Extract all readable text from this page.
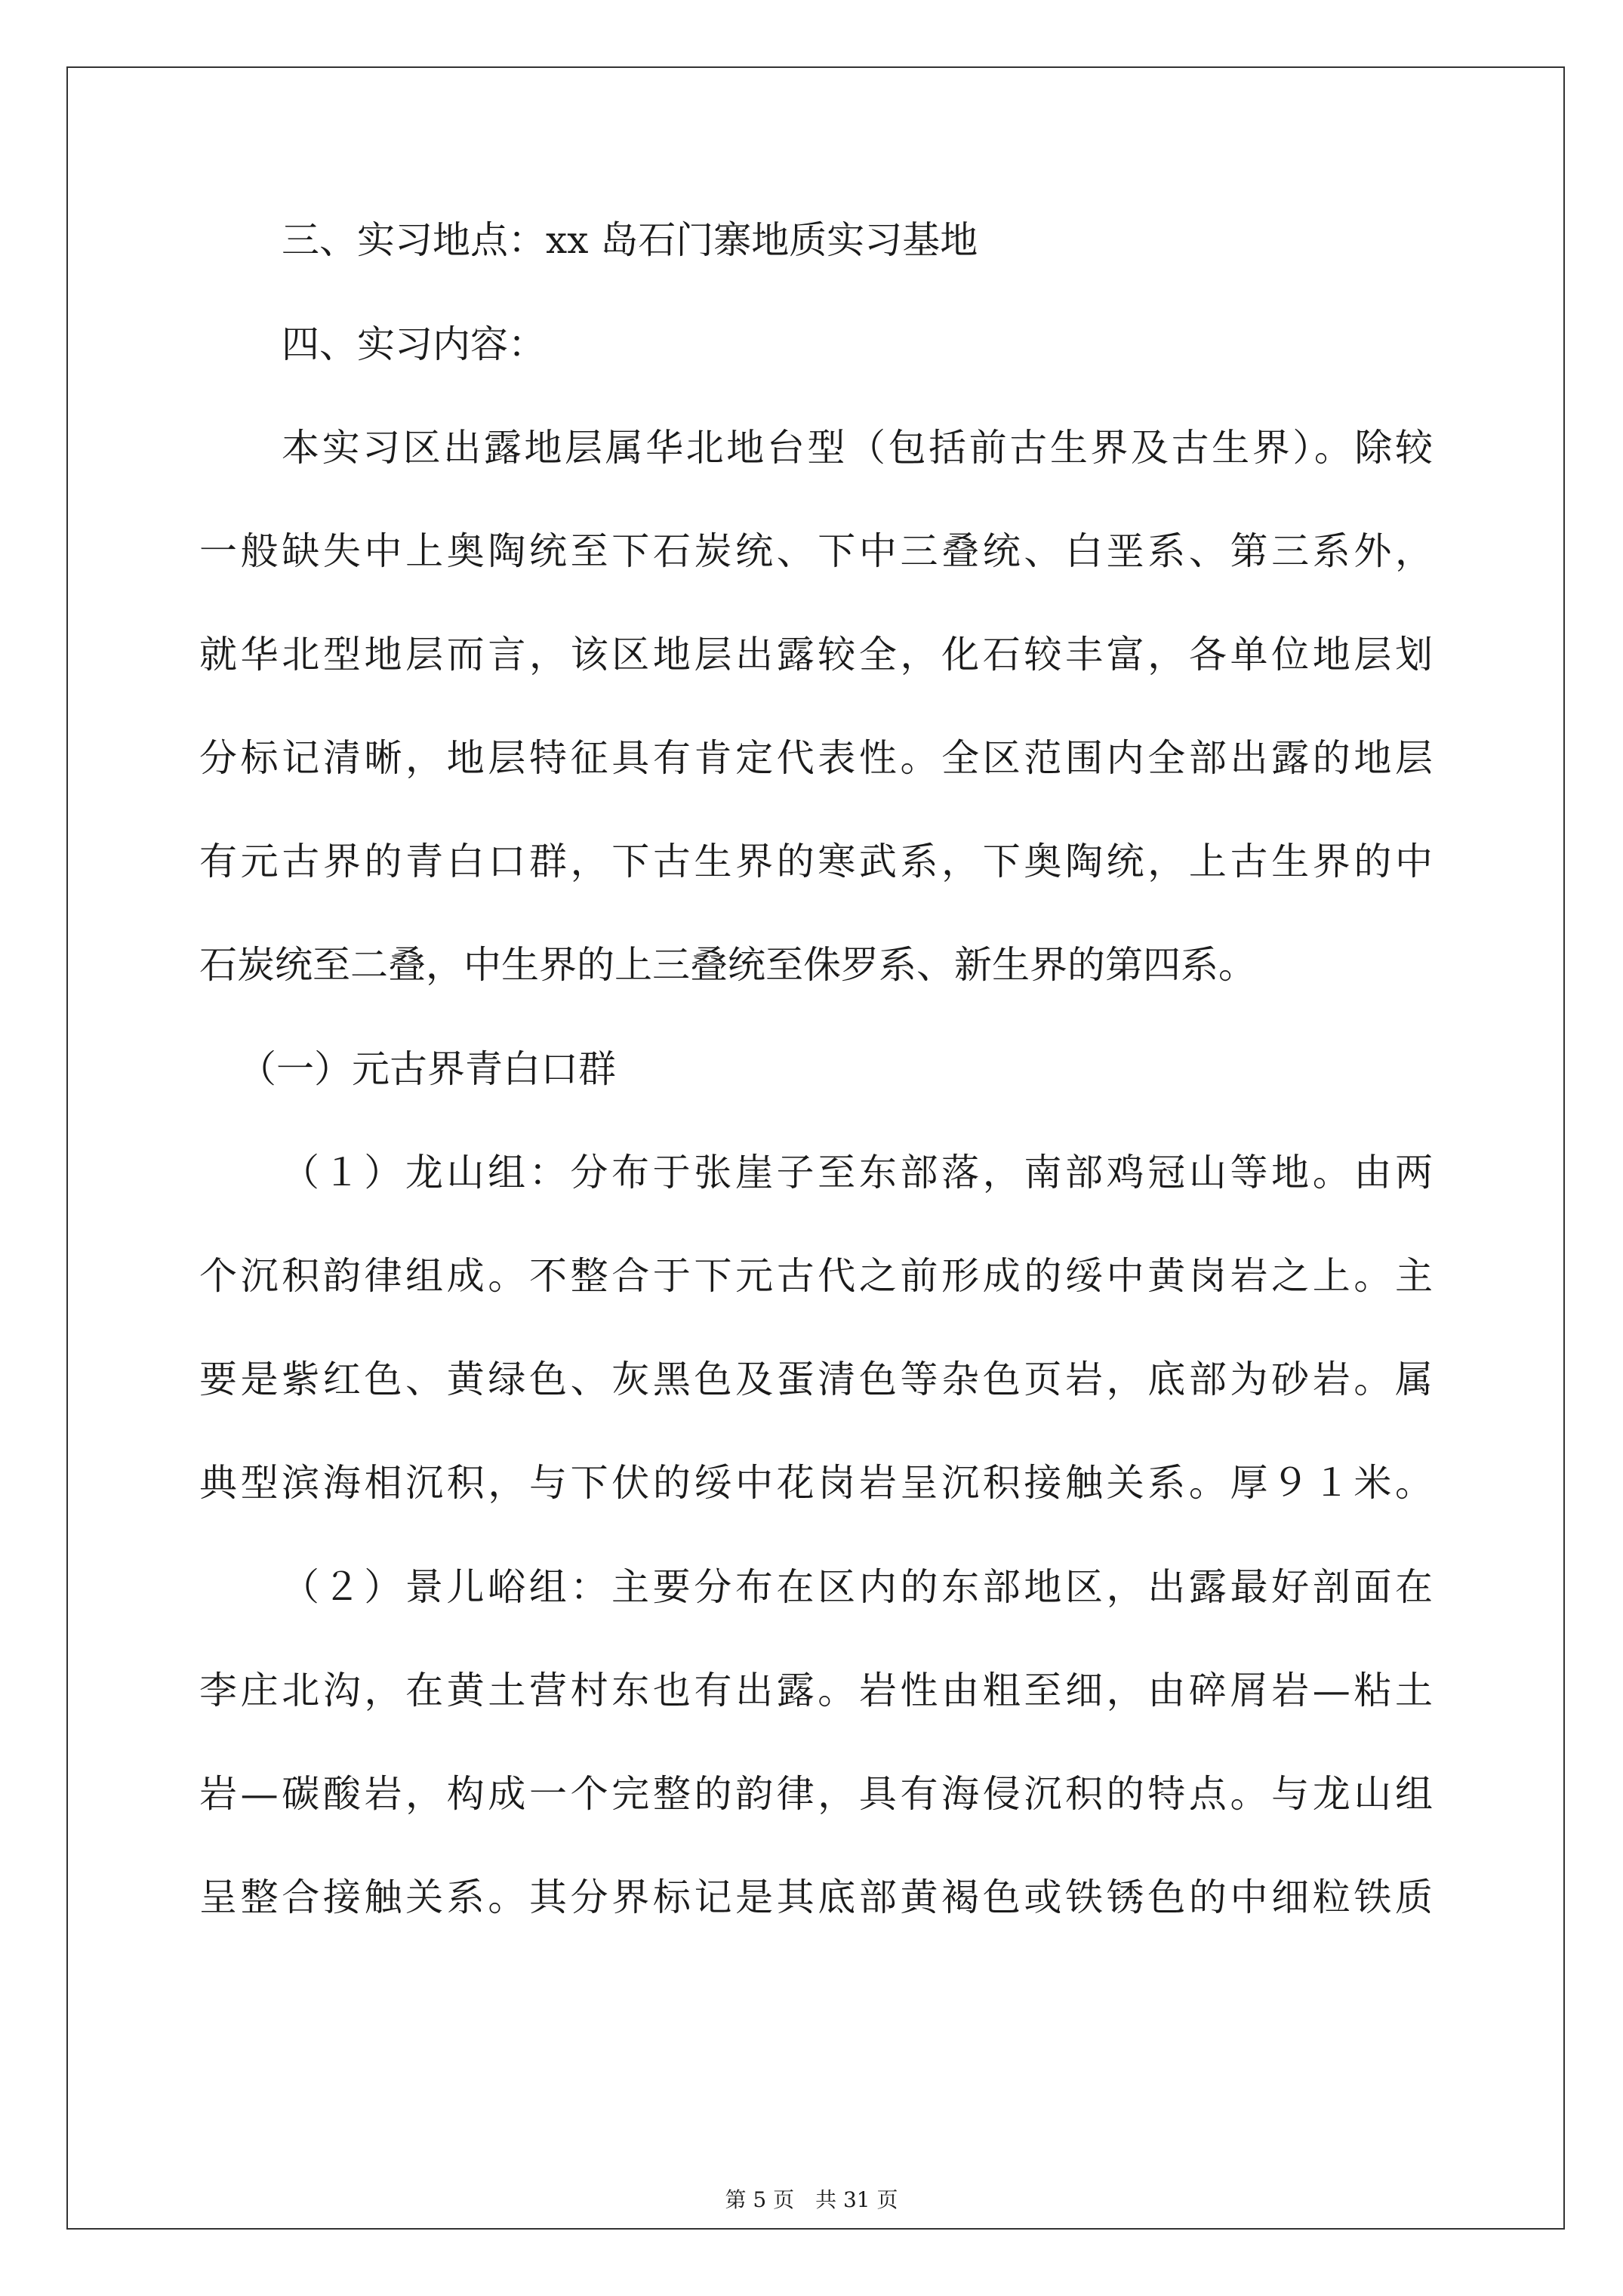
三、实习地点：xx 岛石门寨地质实习基地
四、实习内容：
本实习区出露地层属华北地台型（包括前古生界及古生界）。除较
一般缺失中上奥陶统至下石炭统、下中三叠统、白垩系、第三系外，
就华北型地层而言，该区地层出露较全，化石较丰富，各单位地层划
分标记清晰，地层特征具有肯定代表性。全区范围内全部出露的地层
有元古界的青白口群，下古生界的寒武系，下奥陶统，上古生界的中
石炭统至二叠，中生界的上三叠统至侏罗系、新生界的第四系。
（一）元古界青白口群
（１）龙山组：分布于张崖子至东部落，南部鸡冠山等地。由两
个沉积韵律组成。不整合于下元古代之前形成的绥中黄岗岩之上。主
要是紫红色、黄绿色、灰黑色及蛋清色等杂色页岩，底部为砂岩。属
典型滨海相沉积，与下伏的绥中花岗岩呈沉积接触关系。厚９１米。
（２）景儿峪组：主要分布在区内的东部地区，出露最好剖面在
李庄北沟，在黄土营村东也有出露。岩性由粗至细，由碎屑岩—粘土
岩—碳酸岩，构成一个完整的韵律，具有海侵沉积的特点。与龙山组
呈整合接触关系。其分界标记是其底部黄褐色或铁锈色的中细粒铁质
第 5 页　共 31 页
